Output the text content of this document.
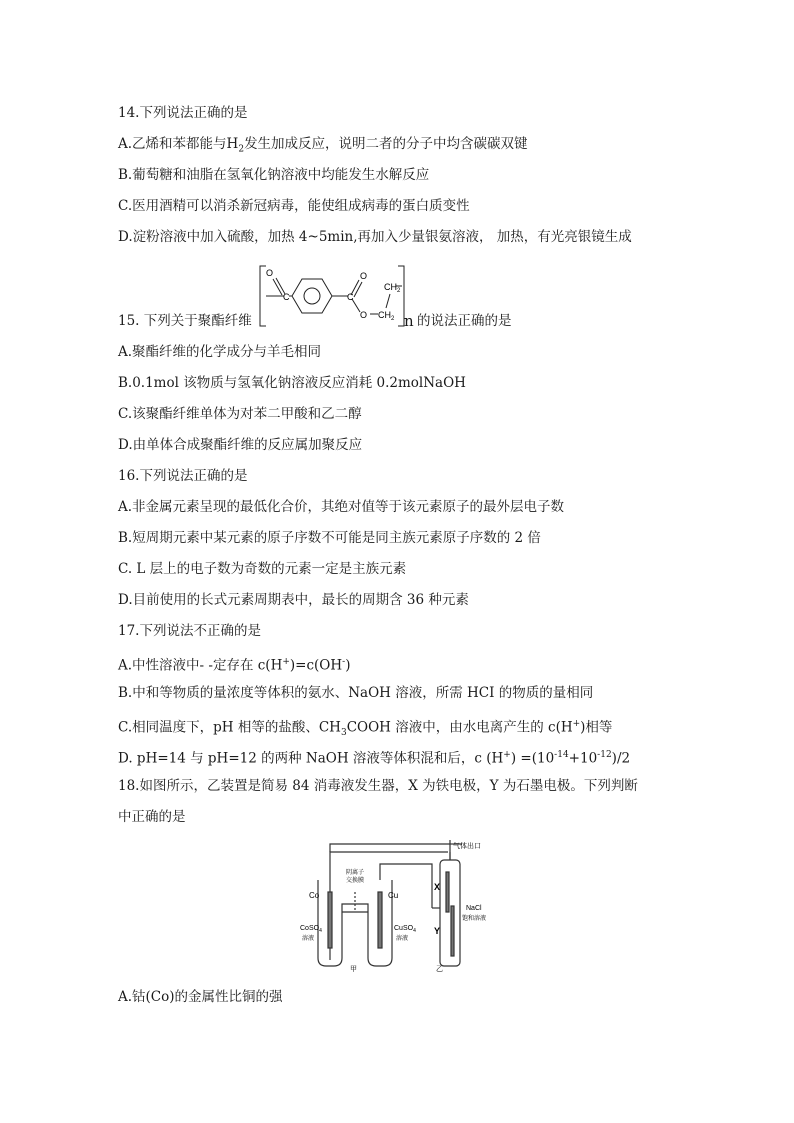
14.下列说法正确的是
A.乙烯和苯都能与$H_2$发生加成反应，说明二者的分子中均含碳碳双键
B.葡萄糖和油脂在氢氧化钠溶液中均能发生水解反应
C.医用酒精可以消杀新冠病毒，能使组成病毒的蛋白质变性
D.淀粉溶液中加入硫酸，加热 4~5min,再加入少量银氨溶液， 加热，有光亮银镜生成
15. 下列关于聚酯纤维
O
C	C
O
O $CH_2$
$CH_2$
n 的说法正确的是
A.聚酯纤维的化学成分与羊毛相同
B.0.1mol 该物质与氢氧化钠溶液反应消耗 0.2molNaOH
C.该聚酯纤维单体为对苯二甲酸和乙二醇
D.由单体合成聚酯纤维的反应属加聚反应
16.下列说法正确的是
A.非金属元素呈现的最低化合价，其绝对值等于该元素原子的最外层电子数
B.短周期元素中某元素的原子序数不可能是同主族元素原子序数的 2 倍
C. L 层上的电子数为奇数的元素一定是主族元素
D.目前使用的长式元素周期表中，最长的周期含 36 种元素
17.下列说法不正确的是
A.中性溶液中- -定存在 c(H+)=c(OH-)
B.中和等物质的量浓度等体积的氨水、NaOH 溶液，所需 HCI 的物质的量相同
C.相同温度下，pH 相等的盐酸、$CH_3COOH$ 溶液中，由水电离产生的 c(H+)相等
D. pH=14 与 pH=12 的两种 NaOH 溶液等体积混和后，c $(H^+) =(10^{-14}+10^{-12})/2$
18.如图所示，乙装置是简易 84 消毒液发生器，X 为铁电极，Y 为石墨电极。下列判断
中正确的是
气体出口
阴离子
交换膜
Co	Cu
CoSO$_4$
溶液
CuSO$_4$
溶液
X
Y
NaCl
饱和溶液
甲	乙
A.钴(Co)的金属性比铜的强
